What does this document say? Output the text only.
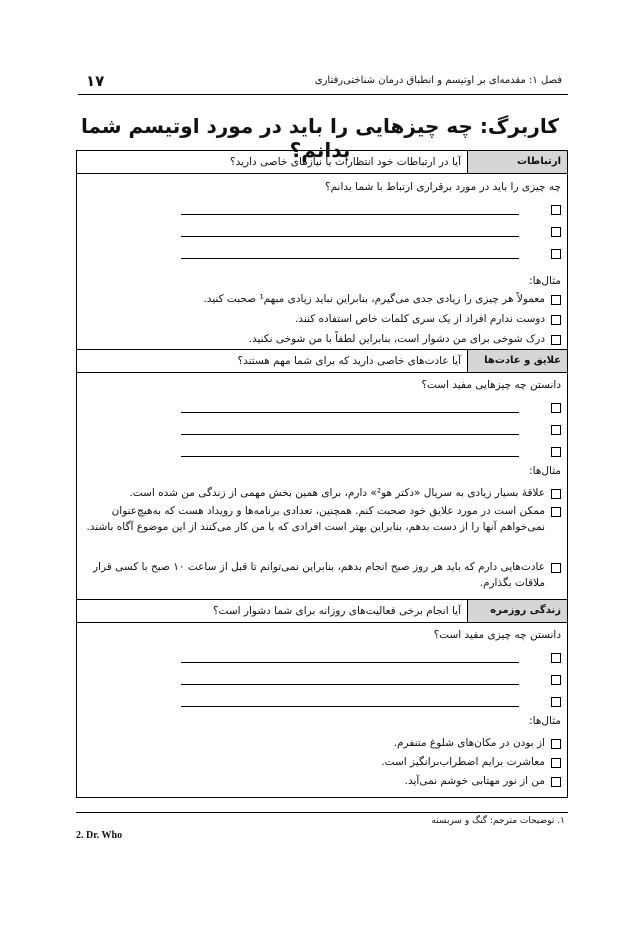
۱۷	فصل ۱: مقدمه‌ای بر اوتیسم و انطباق درمان شناختی‌رفتاری
کاربرگ: چه چیزهایی را باید در مورد اوتیسم شما بدانم؟	ارتباطات
آیا در ارتباطات خود انتظارات یا نیازهای خاصی دارید؟
چه چیزی را باید در مورد برقراری ارتباط با شما بدانم؟
مثال‌ها:
معمولاً هر چیزی را زیادی جدی می‌گیرم، بنابراین نباید زیادی مبهم¹ صحبت کنید.
دوست ندارم افراد از یک سری کلمات خاص استفاده کنند.
درک شوخی برای من دشوار است، بنابراین لطفاً با من شوخی نکنید.
علایق و عادت‌ها
آیا عادت‌های خاصی دارید که برای شما مهم هستند؟
دانستن چه چیزهایی مفید است؟
مثال‌ها:
علاقهٔ بسیار زیادی به سریال «دکتر هو²» دارم، برای همین بخش مهمی از زندگی من شده است.
ممکن است در مورد علایق خود صحبت کنم. همچنین، تعدادی برنامه‌ها و رویداد هست که به‌هیچ‌عنوان نمی‌خواهم آنها را از دست بدهم، بنابراین بهتر است افرادی که با من کار می‌کنند از این موضوع آگاه باشند.
عادت‌هایی دارم که باید هر روز صبح انجام بدهم، بنابراین نمی‌توانم تا قبل از ساعت ۱۰ صبح با کسی قرار ملاقات بگذارم.
زندگی روزمره
آیا انجام برخی فعالیت‌های روزانه برای شما دشوار است؟
دانستن چه چیزی مفید است؟
مثال‌ها:
از بودن در مکان‌های شلوغ متنفرم.
معاشرت برایم اضطراب‌برانگیز است.
من از نور مهتابی خوشم نمی‌آید.
۱. توضیحات مترجم: گنگ و سربسته
2. Dr. Who
